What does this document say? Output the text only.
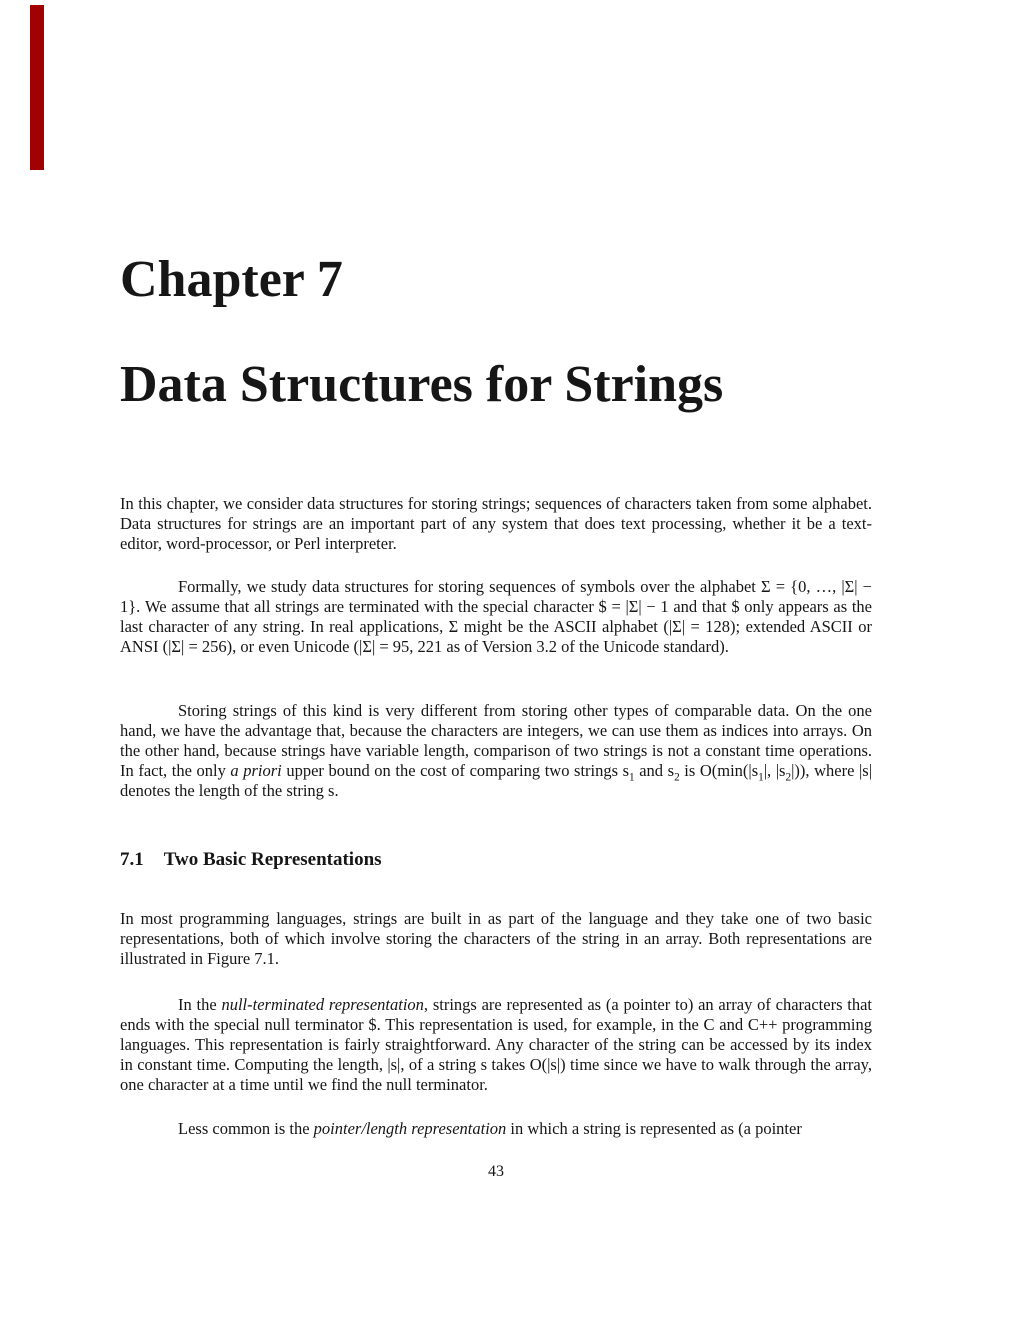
Chapter 7
Data Structures for Strings

In this chapter, we consider data structures for storing strings; sequences of characters taken from some alphabet. Data structures for strings are an important part of any system that does text processing, whether it be a text-editor, word-processor, or Perl interpreter.

Formally, we study data structures for storing sequences of symbols over the alphabet Σ = {0, …, |Σ| − 1}. We assume that all strings are terminated with the special character $ = |Σ| − 1 and that $ only appears as the last character of any string. In real applications, Σ might be the ASCII alphabet (|Σ| = 128); extended ASCII or ANSI (|Σ| = 256), or even Unicode (|Σ| = 95, 221 as of Version 3.2 of the Unicode standard).

Storing strings of this kind is very different from storing other types of comparable data. On the one hand, we have the advantage that, because the characters are integers, we can use them as indices into arrays. On the other hand, because strings have variable length, comparison of two strings is not a constant time operations. In fact, the only a priori upper bound on the cost of comparing two strings $s_1$ and $s_2$ is $O(\min(|s_1|$, $|s_2|$)), where |s| denotes the length of the string s.

7.1 Two Basic Representations

In most programming languages, strings are built in as part of the language and they take one of two basic representations, both of which involve storing the characters of the string in an array. Both representations are illustrated in Figure 7.1.

In the null-terminated representation, strings are represented as (a pointer to) an array of characters that ends with the special null terminator $. This representation is used, for example, in the C and C++ programming languages. This representation is fairly straightforward. Any character of the string can be accessed by its index in constant time. Computing the length, |s|, of a string s takes O(|s|) time since we have to walk through the array, one character at a time until we find the null terminator.

Less common is the pointer/length representation in which a string is represented as (a pointer

43
